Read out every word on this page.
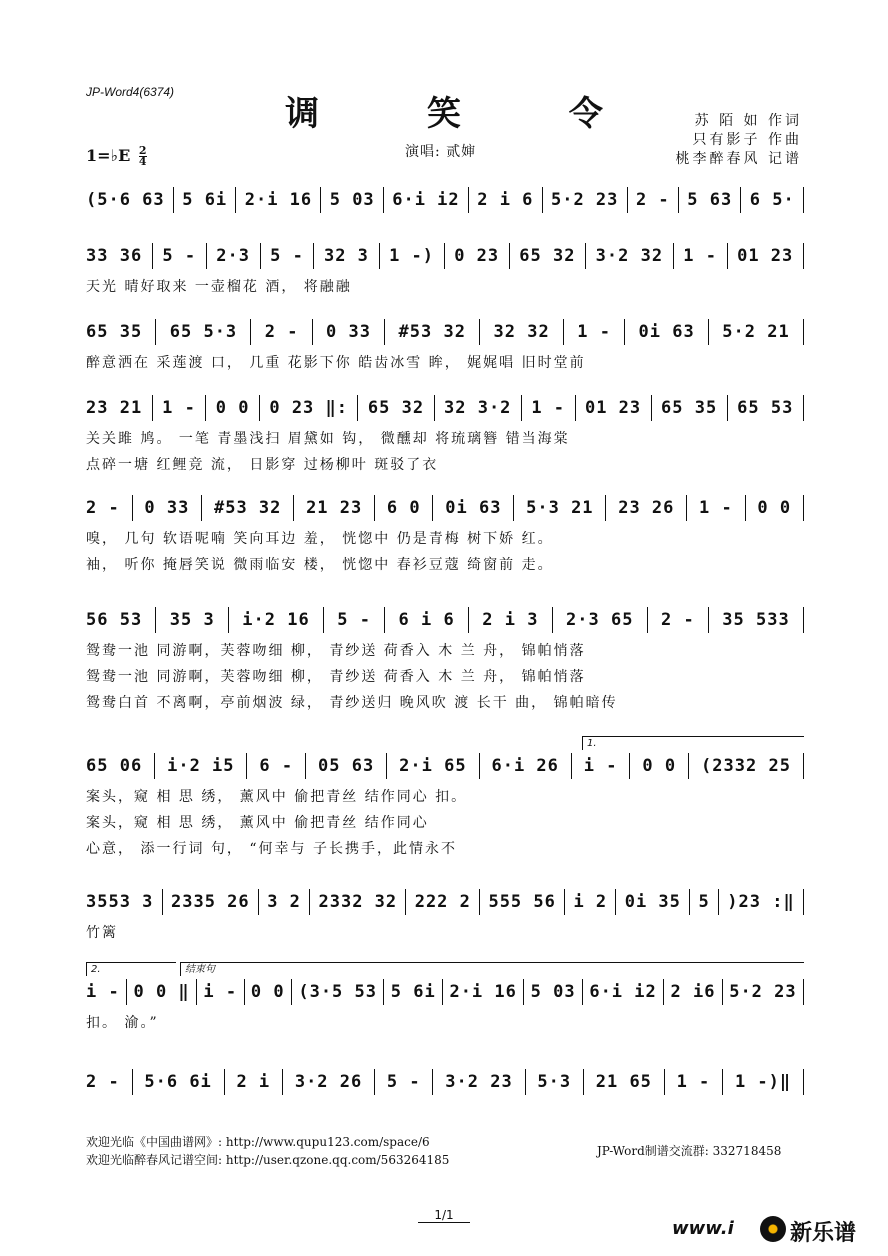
JP-Word4(6374)
调 笑 令	苏 陌 如 作词
只有影子 作曲
桃李醉春风 记谱
1=♭E $\frac{2}{4}$	演唱: 贰婶
(5·6 63 5 6i 2·i 16 5 03 6·i i2 2 i 6 5·2 23 2 - 5 63 6 5·
33 36 5 - 2·3 5 - 32 3 1 -) 0 23 65 32 3·2 32 1 - 01 23
天光 晴好取来 一壶榴花 酒， 将融融
65 35 65 5·3 2 - 0 33 #53 32 32 32 1 - 0i 63 5·2 21
醉意洒在 采莲渡 口， 几重 花影下你 皓齿冰雪 眸， 娓娓唱 旧时堂前
23 21 1 - 0 0 0 23 ‖: 65 32 32 3·2 1 - 01 23 65 35 65 53
关关雎 鸠。 一笔 青墨浅扫 眉黛如 钩， 微醺却 将琉璃簪 错当海棠
点碎一塘 红鲤竞 流， 日影穿 过杨柳叶 斑驳了衣
2 - 0 33 #53 32 21 23 6 0 0i 63 5·3 21 23 26 1 - 0 0
嗅， 几句 软语呢喃 笑向耳边 羞， 恍惚中 仍是青梅 树下娇 红。
袖， 听你 掩唇笑说 微雨临安 楼， 恍惚中 春衫豆蔻 绮窗前 走。
56 53 35 3 i·2 16 5 - 6 i 6 2 i 3 2·3 65 2 - 35 533
鸳鸯一池 同游啊，芙蓉吻细 柳， 青纱送 荷香入 木 兰 舟， 锦帕悄落
鸳鸯一池 同游啊，芙蓉吻细 柳， 青纱送 荷香入 木 兰 舟， 锦帕悄落
鸳鸯白首 不离啊，亭前烟波 绿， 青纱送归 晚风吹 渡 长干 曲， 锦帕暗传
1.
65 06 i·2 i5 6 - 05 63 2·i 65 6·i 26 i - 0 0 (2332 25
案头，窥 相 思 绣， 薰风中 偷把青丝 结作同心 扣。
案头，窥 相 思 绣， 薰风中 偷把青丝 结作同心
心意， 添一行词 句， “何幸与 子长携手，此情永不
3553 3 2335 26 3 2 2332 32 222 2 555 56 i 2 0i 35 5 )23 :‖
竹篱
2.	结束句
i - 0 0 ‖ i - 0 0 (3·5 53 5 6i 2·i 16 5 03 6·i i2 2 i6 5·2 23
扣。 渝。”
2 - 5·6 6i 2 i 3·2 26 5 - 3·2 23 5·3 21 65 1 - 1 -)‖
欢迎光临《中国曲谱网》: http://www.qupu123.com/space/6
欢迎光临醉春风记谱空间: http://user.qzone.qq.com/563264185
JP-Word制谱交流群: 332718458
1/1
www.i	新乐谱
